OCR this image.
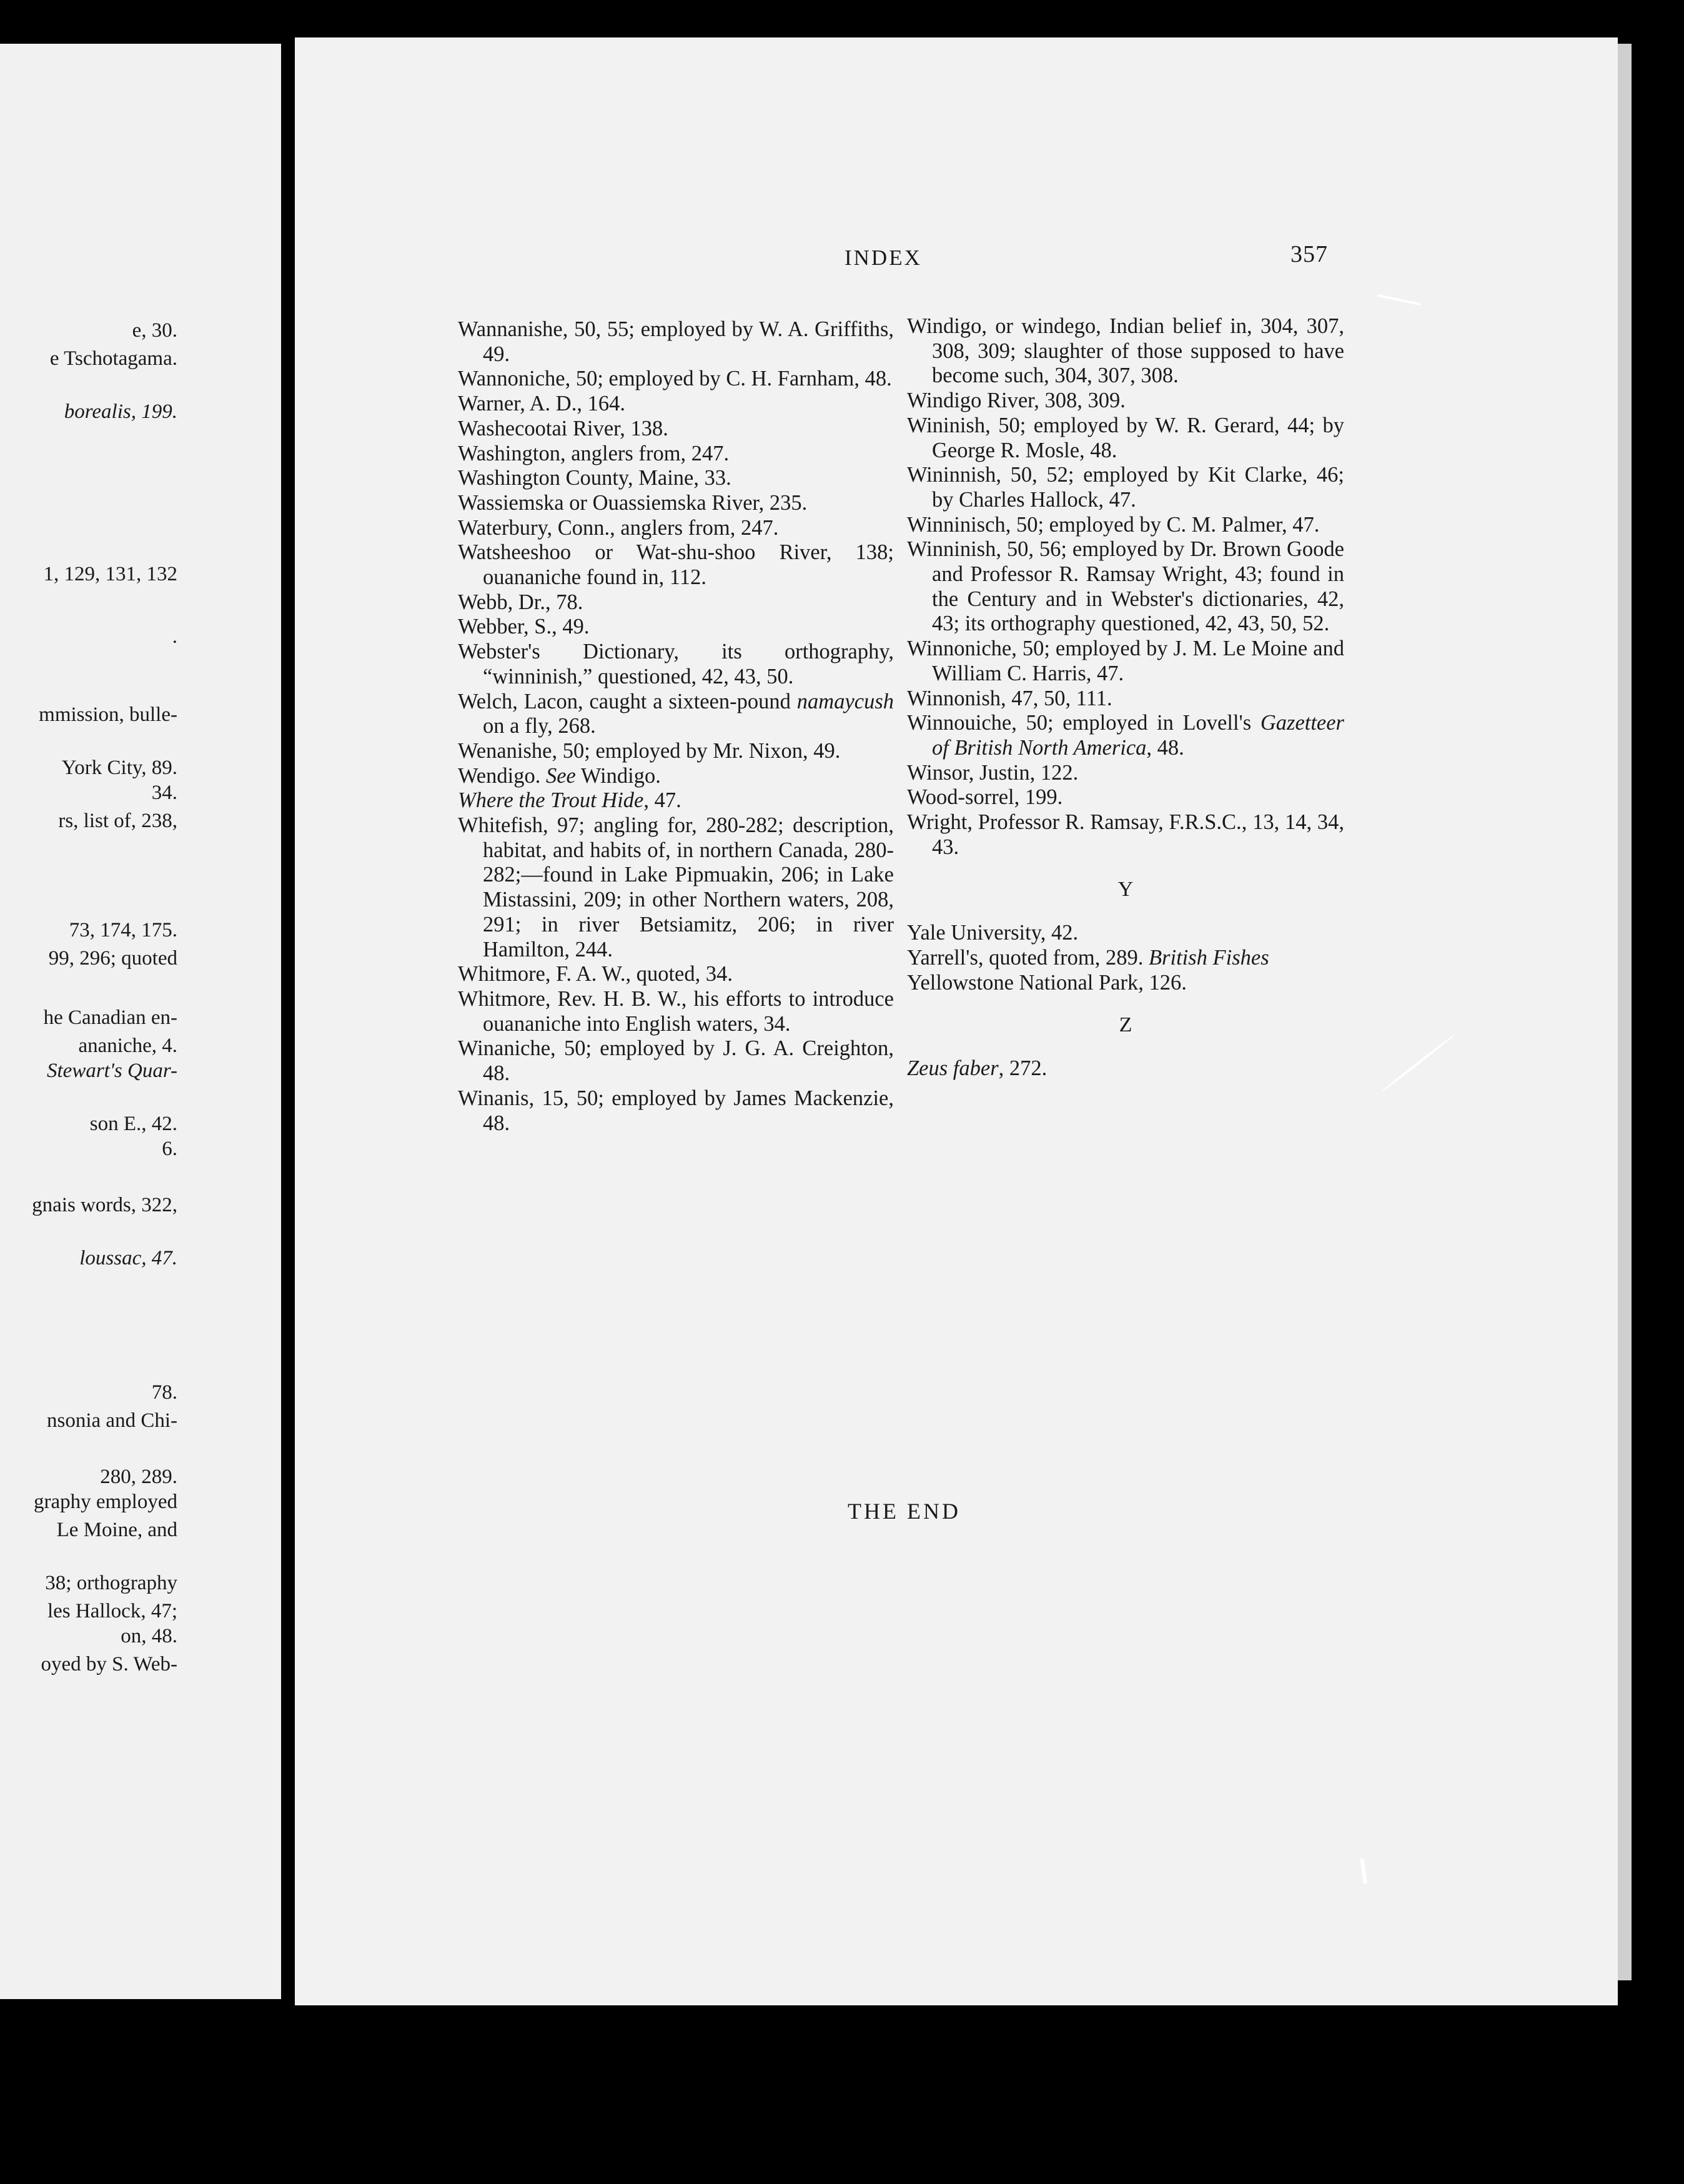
e, 30.
e Tschotagama.
borealis, 199.
1, 129, 131, 132
.
mmission, bulle-
York City, 89.
34.
rs, list of, 238,
73, 174, 175.
99, 296; quoted
he Canadian en-
ananiche, 4.
Stewart's Quar-
son E., 42.
6.
gnais words, 322,
loussac, 47.
78.
nsonia and Chi-
280, 289.
graphy employed
Le Moine, and
38; orthography
les Hallock, 47;
on, 48.
oyed by S. Web-
INDEX	357
Wannanishe, 50, 55; employed by W. A. Griffiths, 49.
Wannoniche, 50; employed by C. H. Farnham, 48.
Warner, A. D., 164.
Washecootai River, 138.
Washington, anglers from, 247.
Washington County, Maine, 33.
Wassiemska or Ouassiemska River, 235.
Waterbury, Conn., anglers from, 247.
Watsheeshoo or Wat-shu-shoo River, 138; ouananiche found in, 112.
Webb, Dr., 78.
Webber, S., 49.
Webster's Dictionary, its orthography, “winninish,” questioned, 42, 43, 50.
Welch, Lacon, caught a sixteen-pound namaycush on a fly, 268.
Wenanishe, 50; employed by Mr. Nixon, 49.
Wendigo. See Windigo.
Where the Trout Hide, 47.
Whitefish, 97; angling for, 280-282; description, habitat, and habits of, in northern Canada, 280-282;—found in Lake Pipmuakin, 206; in Lake Mistassini, 209; in other Northern waters, 208, 291; in river Betsiamitz, 206; in river Hamilton, 244.
Whitmore, F. A. W., quoted, 34.
Whitmore, Rev. H. B. W., his efforts to introduce ouananiche into English waters, 34.
Winaniche, 50; employed by J. G. A. Creighton, 48.
Winanis, 15, 50; employed by James Mackenzie, 48.
Windigo, or windego, Indian belief in, 304, 307, 308, 309; slaughter of those supposed to have become such, 304, 307, 308.
Windigo River, 308, 309.
Wininish, 50; employed by W. R. Gerard, 44; by George R. Mosle, 48.
Wininnish, 50, 52; employed by Kit Clarke, 46; by Charles Hallock, 47.
Winninisch, 50; employed by C. M. Palmer, 47.
Winninish, 50, 56; employed by Dr. Brown Goode and Professor R. Ramsay Wright, 43; found in the Century and in Webster's dictionaries, 42, 43; its orthography questioned, 42, 43, 50, 52.
Winnoniche, 50; employed by J. M. Le Moine and William C. Harris, 47.
Winnonish, 47, 50, 111.
Winnouiche, 50; employed in Lovell's Gazetteer of British North America, 48.
Winsor, Justin, 122.
Wood-sorrel, 199.
Wright, Professor R. Ramsay, F.R.S.C., 13, 14, 34, 43.
Y
Yale University, 42.
Yarrell's, quoted from, 289. British Fishes
Yellowstone National Park, 126.
Z
Zeus faber, 272.
THE END
